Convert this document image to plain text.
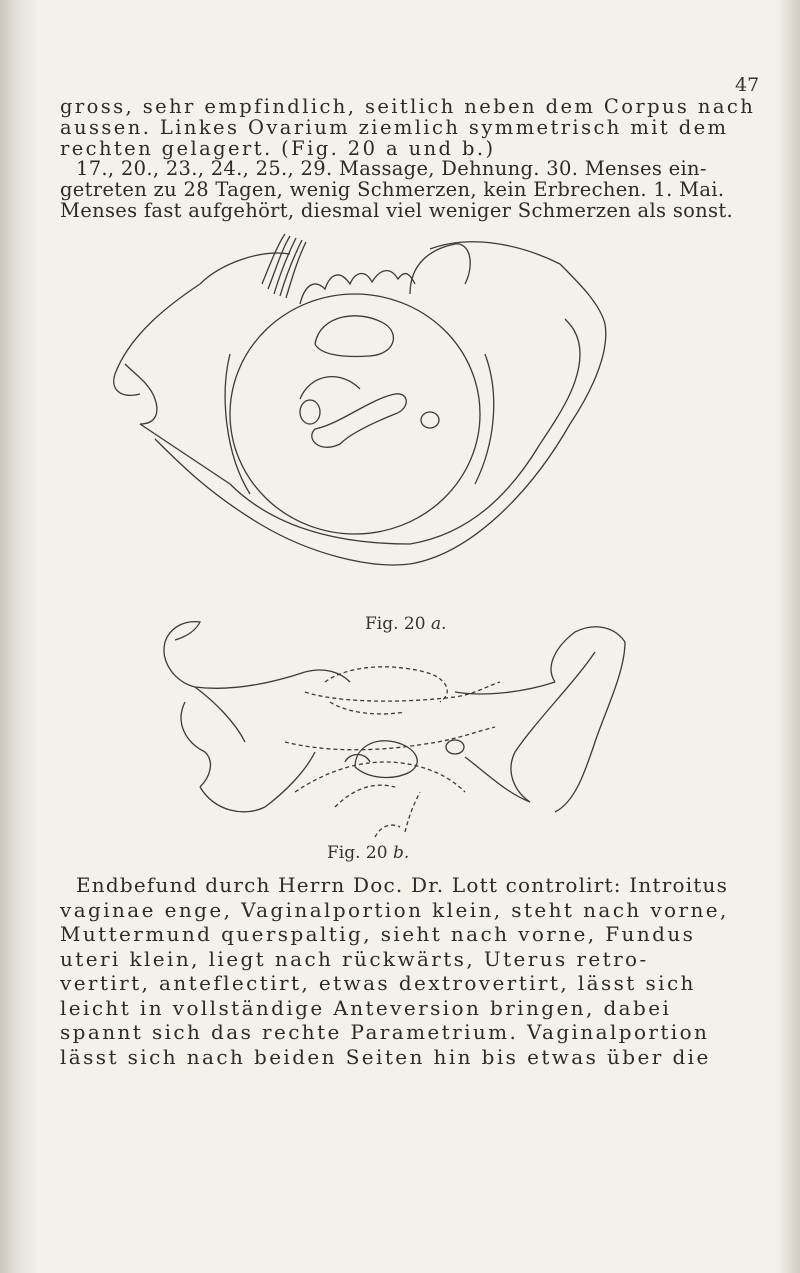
47

gross, sehr empfindlich, seitlich neben dem Corpus nach
aussen. Linkes Ovarium ziemlich symmetrisch mit dem
rechten gelagert. (Fig. 20 a und b.)
17., 20., 23., 24., 25., 29. Massage, Dehnung. 30. Menses ein-
getreten zu 28 Tagen, wenig Schmerzen, kein Erbrechen. 1. Mai.
Menses fast aufgehört, diesmal viel weniger Schmerzen als sonst.

Fig. 20 a.
Fig. 20 b.

Endbefund durch Herrn Doc. Dr. Lott controlirt: Introitus
vaginae enge, Vaginalportion klein, steht nach vorne,
Muttermund querspaltig, sieht nach vorne, Fundus
uteri klein, liegt nach rückwärts, Uterus retro-
vertirt, anteflectirt, etwas dextrovertirt, lässt sich
leicht in vollständige Anteversion bringen, dabei
spannt sich das rechte Parametrium. Vaginalportion
lässt sich nach beiden Seiten hin bis etwas über die
